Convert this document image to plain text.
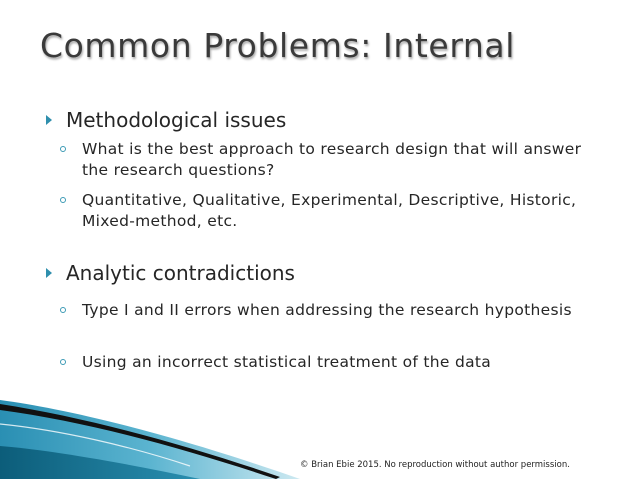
Common Problems: Internal
Methodological issues
What is the best approach to research design that will answer the research questions?
Quantitative, Qualitative, Experimental, Descriptive, Historic, Mixed-method, etc.
Analytic contradictions
Type I and II errors when addressing the research hypothesis
Using an incorrect statistical treatment of the data
© Brian Ebie 2015. No reproduction without author permission.
